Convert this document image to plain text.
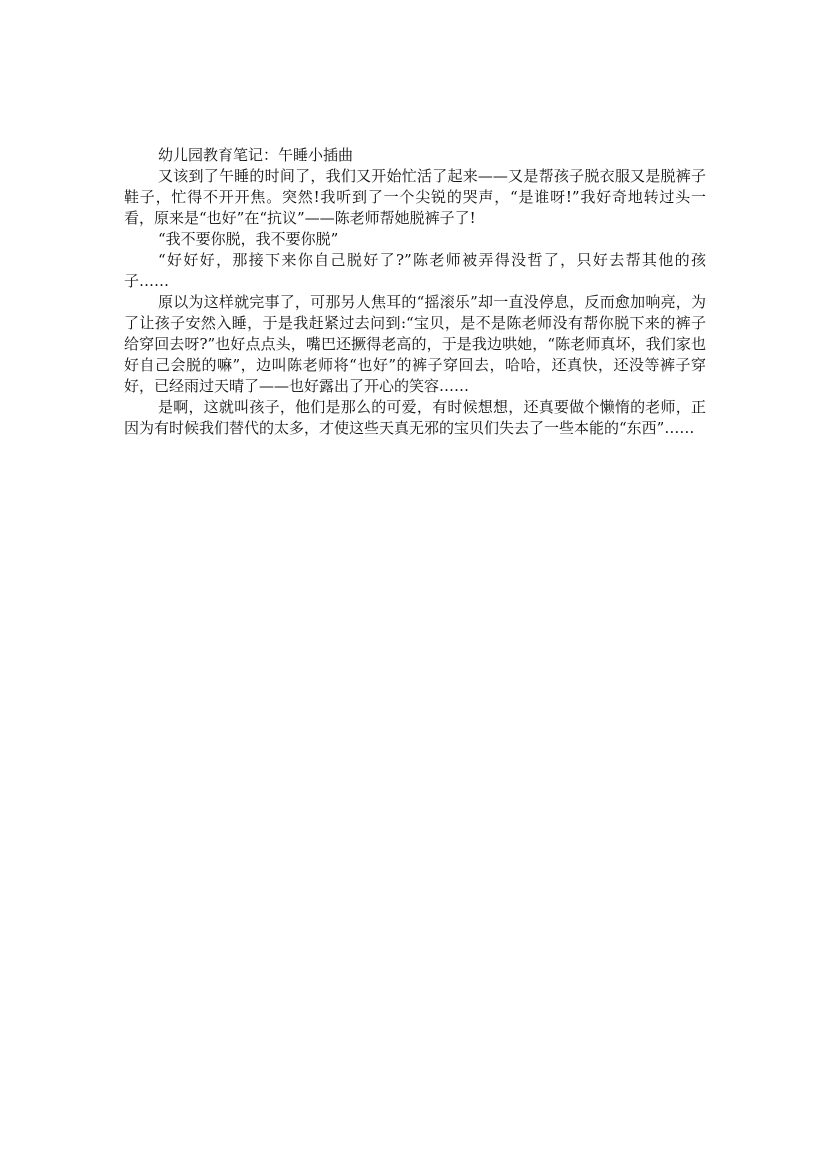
幼儿园教育笔记：午睡小插曲

又该到了午睡的时间了，我们又开始忙活了起来——又是帮孩子脱衣服又是脱裤子鞋子，忙得不开开焦。突然!我听到了一个尖锐的哭声，“是谁呀!”我好奇地转过头一看，原来是“也好”在“抗议”——陈老师帮她脱裤子了!

“我不要你脱，我不要你脱”

“好好好，那接下来你自己脱好了?”陈老师被弄得没哲了，只好去帮其他的孩子……

原以为这样就完事了，可那另人焦耳的“摇滚乐”却一直没停息，反而愈加响亮，为了让孩子安然入睡，于是我赶紧过去问到:“宝贝，是不是陈老师没有帮你脱下来的裤子给穿回去呀?”也好点点头，嘴巴还撅得老高的，于是我边哄她，“陈老师真坏，我们家也好自己会脱的嘛”，边叫陈老师将“也好”的裤子穿回去，哈哈，还真快，还没等裤子穿好，已经雨过天晴了——也好露出了开心的笑容……

是啊，这就叫孩子，他们是那么的可爱，有时候想想，还真要做个懒惰的老师，正因为有时候我们替代的太多，才使这些天真无邪的宝贝们失去了一些本能的“东西”……
